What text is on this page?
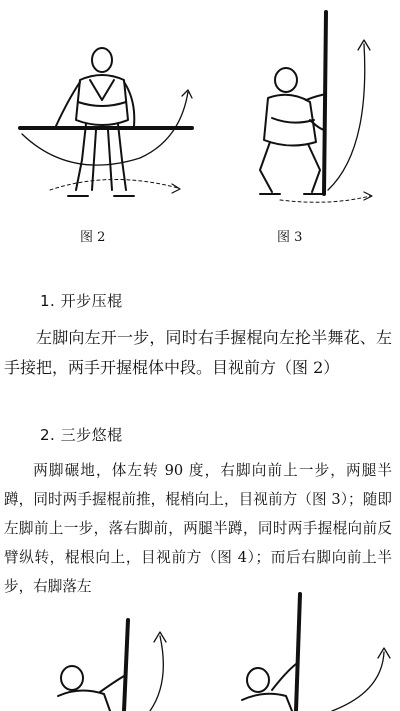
图 2	图 3
1. 开步压棍

左脚向左开一步，同时右手握棍向左抡半舞花、左手接把，两手开握棍体中段。目视前方（图 2）

2. 三步悠棍

两脚碾地，体左转 90 度，右脚向前上一步，两腿半蹲，同时两手握棍前推，棍梢向上，目视前方（图 3）；随即左脚前上一步，落右脚前，两腿半蹲，同时两手握棍向前反臂纵转，棍根向上，目视前方（图 4）；而后右脚向前上半步，右脚落左
